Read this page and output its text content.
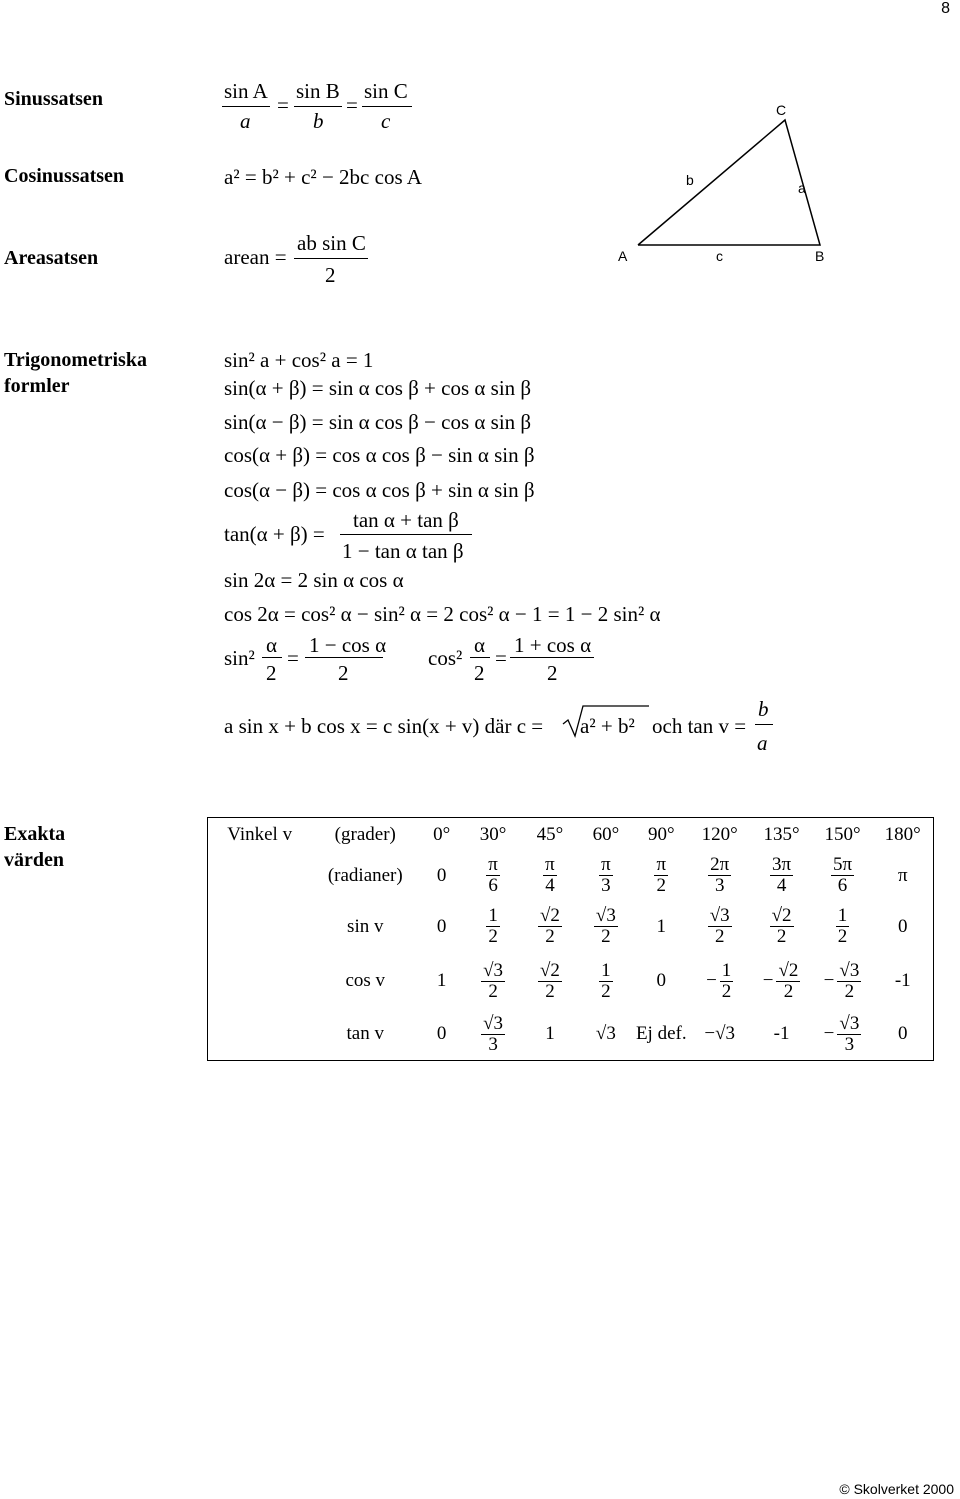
8
Sinussatsen
Cosinussatsen
Areasatsen
Trigonometriska
formler
Exakta
värden
sin A
a
=
sin B
b
=
sin C
c
a² = b² + c² − 2bc cos A
arean =
ab sin C
2
C
b	a
A	c	B
sin² a + cos² a = 1
sin(α + β) = sin α cos β + cos α sin β
sin(α − β) = sin α cos β − cos α sin β
cos(α + β) = cos α cos β − sin α sin β
cos(α − β) = cos α cos β + sin α sin β
tan(α + β) =
tan α + tan β
1 − tan α tan β
sin 2α = 2 sin α cos α
cos 2α = cos² α − sin² α = 2 cos² α − 1 = 1 − 2 sin² α
sin²
α
2
=
1 − cos α
2
cos²
α
2
=
1 + cos α
2
a sin x + b cos x = c sin(x + v) där c = a² + b² och tan v =
b
a
Vinkel v	(grader)	0°	30°	45°	60°	90°	120°	135°	150°	180°
	(radianer)	0	$\frac{\pi}{6}$	$\frac{\pi}{4}$	$\frac{\pi}{3}$	$\frac{\pi}{2}$	$\frac{2\pi}{3}$	$\frac{3\pi}{4}$	$\frac{5\pi}{6}$	π
	sin v	0	$\frac{1}{2}$	$\frac{√2}{2}$	$\frac{√3}{2}$	1	$\frac{√3}{2}$	$\frac{√2}{2}$	$\frac{1}{2}$	0
	cos v	1	$\frac{√3}{2}$	$\frac{√2}{2}$	$\frac{1}{2}$	0	− $\frac{1}{2}$	− $\frac{√2}{2}$	− $\frac{√3}{2}$	-1
	tan v	0	$\frac{√3}{3}$	1	√3	Ej def.	−√3	-1	− $\frac{√3}{3}$	0
© Skolverket 2000
